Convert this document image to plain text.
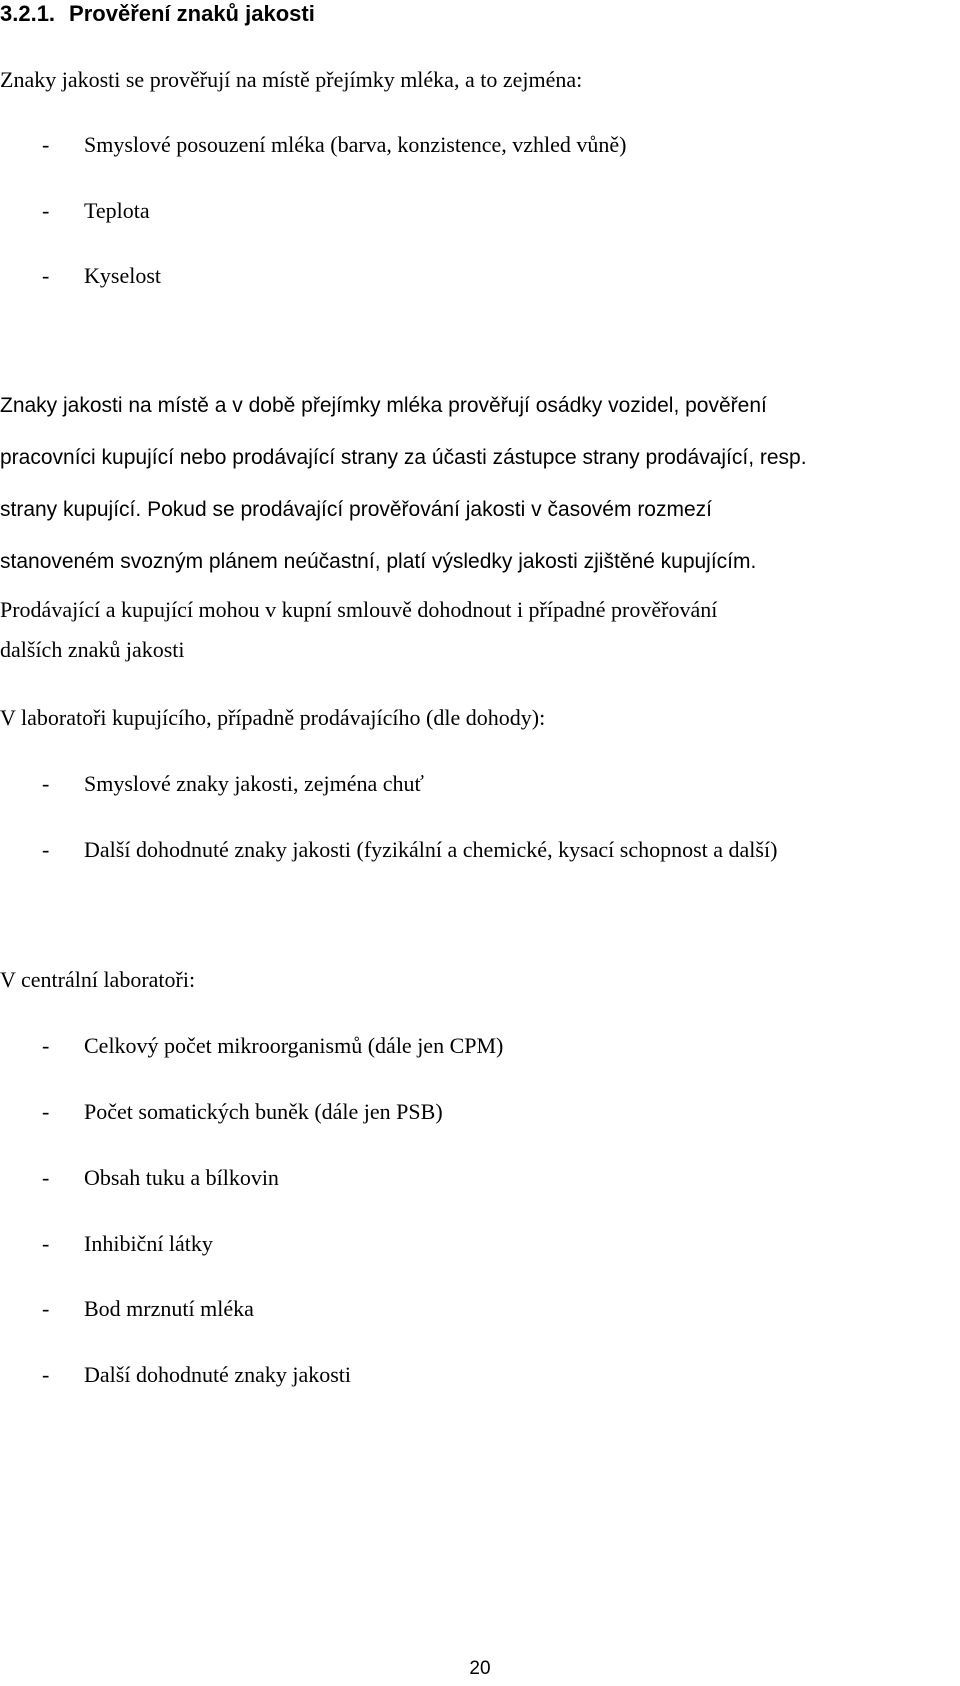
3.2.1. Prověření znaků jakosti
Znaky jakosti se prověřují na místě přejímky mléka, a to zejména:
- Smyslové posouzení mléka (barva, konzistence, vzhled vůně)
- Teplota
- Kyselost
Znaky jakosti na místě a v době přejímky mléka prověřují osádky vozidel, pověření
pracovníci kupující nebo prodávající strany za účasti zástupce strany prodávající, resp.
strany kupující. Pokud se prodávající prověřování jakosti v časovém rozmezí
stanoveném svozným plánem neúčastní, platí výsledky jakosti zjištěné kupujícím.
Prodávající a kupující mohou v kupní smlouvě dohodnout i případné prověřování
dalších znaků jakosti
V laboratoři kupujícího, případně prodávajícího (dle dohody):
- Smyslové znaky jakosti, zejména chuť
- Další dohodnuté znaky jakosti (fyzikální a chemické, kysací schopnost a další)
V centrální laboratoři:
- Celkový počet mikroorganismů (dále jen CPM)
- Počet somatických buněk (dále jen PSB)
- Obsah tuku a bílkovin
- Inhibiční látky
- Bod mrznutí mléka
- Další dohodnuté znaky jakosti
20
